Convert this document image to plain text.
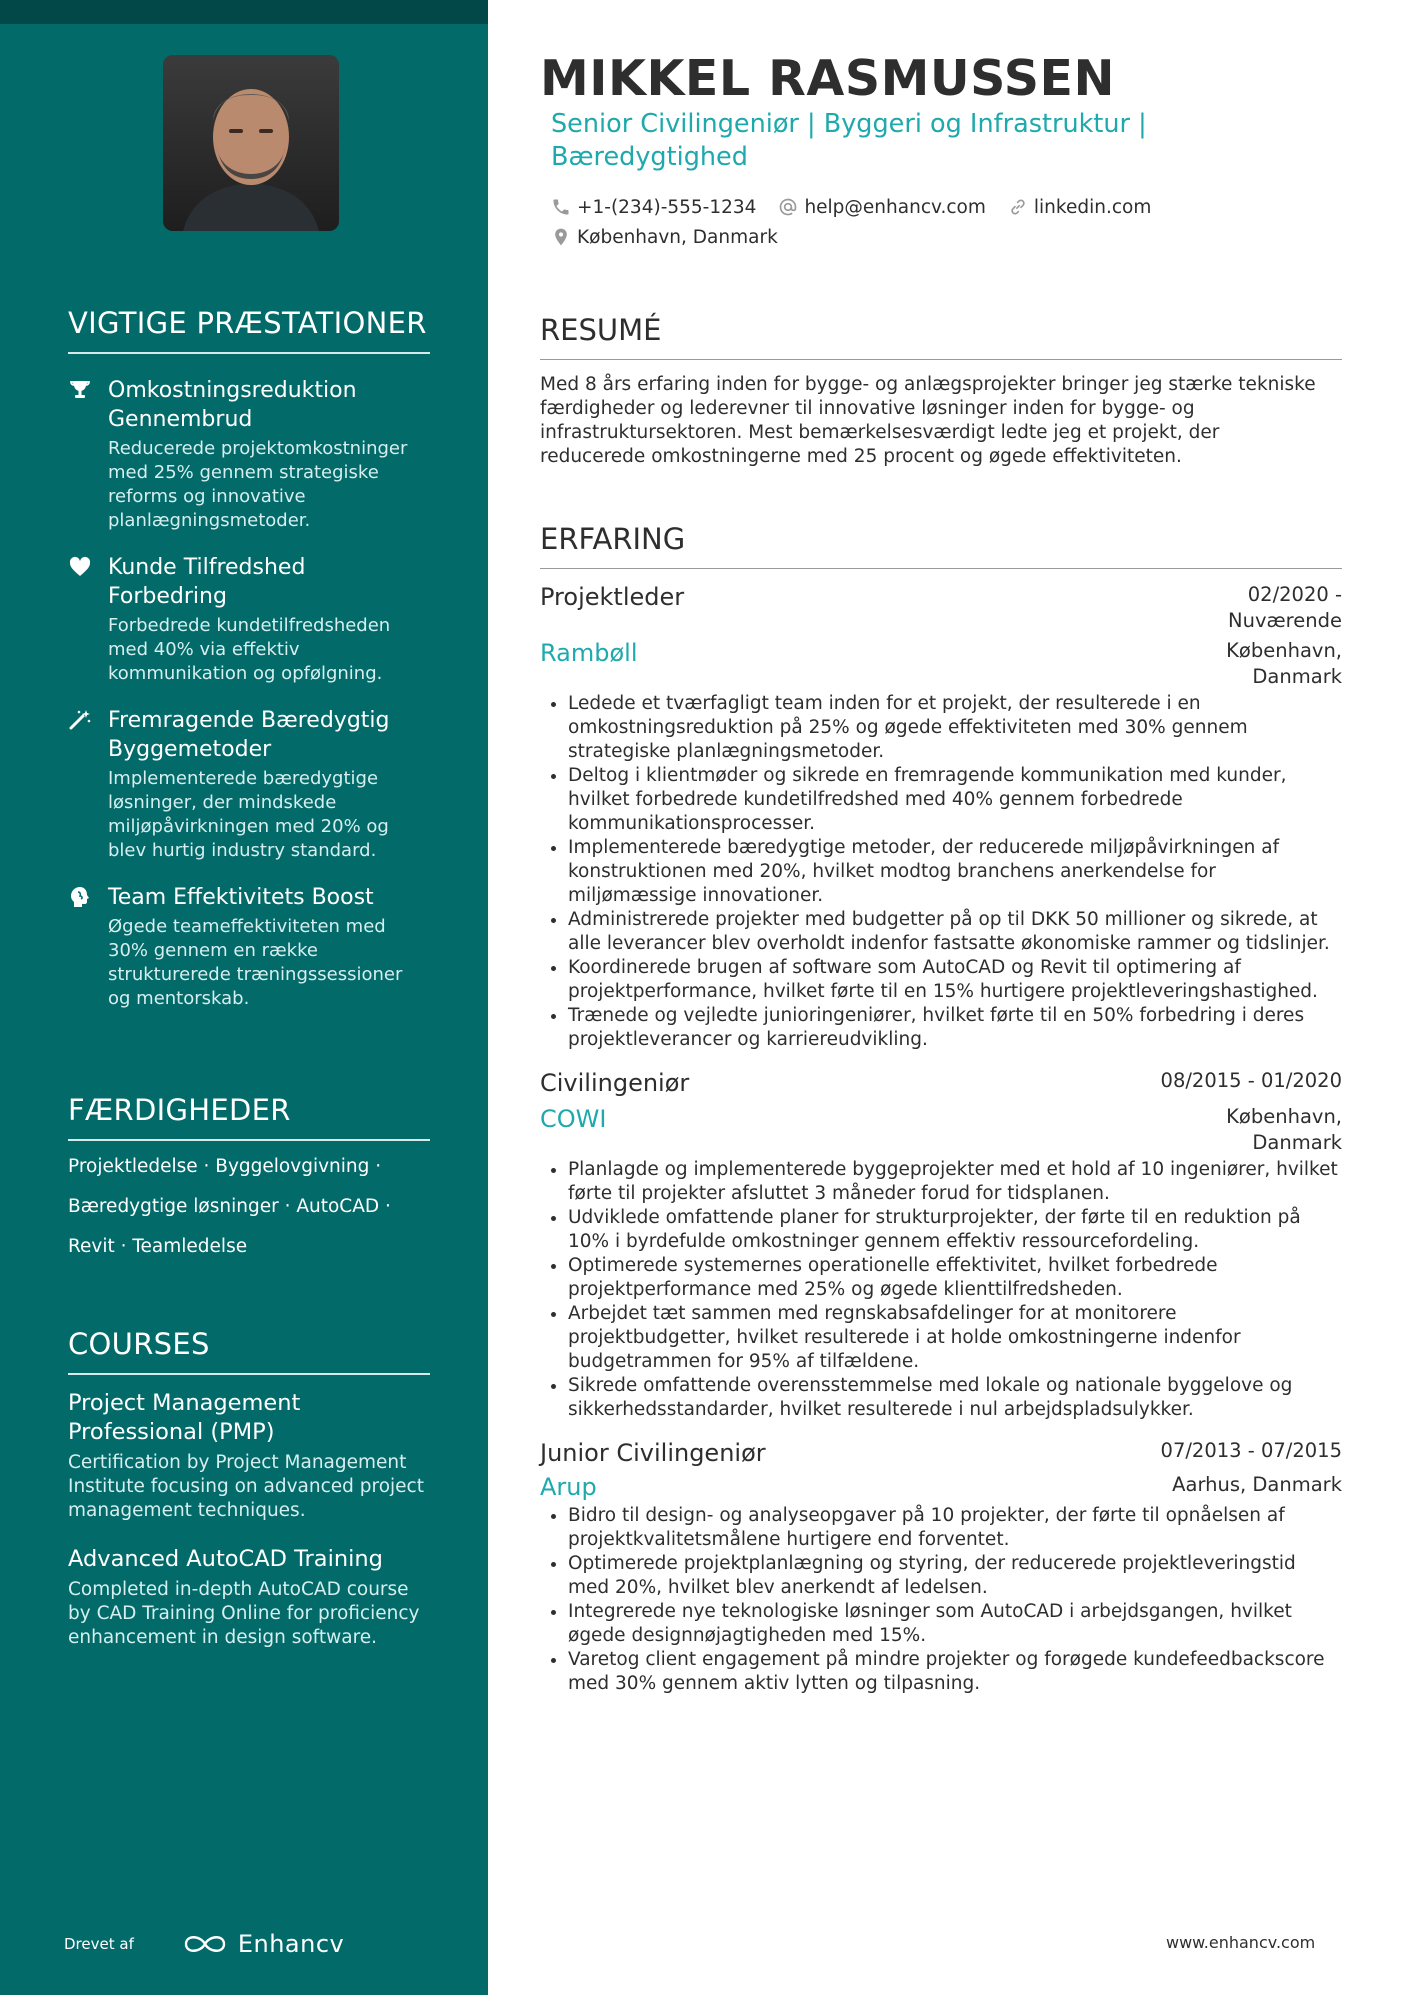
VIGTIGE PRÆSTATIONER
Omkostningsreduktion Gennembrud
Reducerede projektomkostninger med 25% gennem strategiske reforms og innovative planlægningsmetoder.
Kunde Tilfredshed Forbedring
Forbedrede kundetilfredsheden med 40% via effektiv kommunikation og opfølgning.
Fremragende Bæredygtig Byggemetoder
Implementerede bæredygtige løsninger, der mindskede miljøpåvirkningen med 20% og blev hurtig industry standard.
Team Effektivitets Boost
Øgede teameffektiviteten med 30% gennem en række strukturerede træningssessioner og mentorskab.
FÆRDIGHEDER
Projektledelse · Byggelovgivning ·
Bæredygtige løsninger · AutoCAD ·
Revit · Teamledelse
COURSES
Project Management Professional (PMP)
Certification by Project Management Institute focusing on advanced project management techniques.
Advanced AutoCAD Training
Completed in-depth AutoCAD course by CAD Training Online for proficiency enhancement in design software.
Drevet af	Enhancv
MIKKEL RASMUSSEN
Senior Civilingeniør | Byggeri og Infrastruktur | Bæredygtighed
+1-(234)-555-1234	help@enhancv.com	linkedin.com
København, Danmark
RESUMÉ
Med 8 års erfaring inden for bygge- og anlægsprojekter bringer jeg stærke tekniske færdigheder og lederevner til innovative løsninger inden for bygge- og infrastruktursektoren. Mest bemærkelsesværdigt ledte jeg et projekt, der reducerede omkostningerne med 25 procent og øgede effektiviteten.
ERFARING
Projektleder	02/2020 - Nuværende
Rambøll	København, Danmark
• Ledede et tværfagligt team inden for et projekt, der resulterede i en omkostningsreduktion på 25% og øgede effektiviteten med 30% gennem strategiske planlægningsmetoder.
• Deltog i klientmøder og sikrede en fremragende kommunikation med kunder, hvilket forbedrede kundetilfredshed med 40% gennem forbedrede kommunikationsprocesser.
• Implementerede bæredygtige metoder, der reducerede miljøpåvirkningen af konstruktionen med 20%, hvilket modtog branchens anerkendelse for miljømæssige innovationer.
• Administrerede projekter med budgetter på op til DKK 50 millioner og sikrede, at alle leverancer blev overholdt indenfor fastsatte økonomiske rammer og tidslinjer.
• Koordinerede brugen af software som AutoCAD og Revit til optimering af projektperformance, hvilket førte til en 15% hurtigere projektleveringshastighed.
• Trænede og vejledte junioringeniører, hvilket førte til en 50% forbedring i deres projektleverancer og karriereudvikling.
Civilingeniør	08/2015 - 01/2020
COWI	København, Danmark
• Planlagde og implementerede byggeprojekter med et hold af 10 ingeniører, hvilket førte til projekter afsluttet 3 måneder forud for tidsplanen.
• Udviklede omfattende planer for strukturprojekter, der førte til en reduktion på 10% i byrdefulde omkostninger gennem effektiv ressourcefordeling.
• Optimerede systemernes operationelle effektivitet, hvilket forbedrede projektperformance med 25% og øgede klienttilfredsheden.
• Arbejdet tæt sammen med regnskabsafdelinger for at monitorere projektbudgetter, hvilket resulterede i at holde omkostningerne indenfor budgetrammen for 95% af tilfældene.
• Sikrede omfattende overensstemmelse med lokale og nationale byggelove og sikkerhedsstandarder, hvilket resulterede i nul arbejdspladsulykker.
Junior Civilingeniør	07/2013 - 07/2015
Arup	Aarhus, Danmark
• Bidro til design- og analyseopgaver på 10 projekter, der førte til opnåelsen af projektkvalitetsmålene hurtigere end forventet.
• Optimerede projektplanlægning og styring, der reducerede projektleveringstid med 20%, hvilket blev anerkendt af ledelsen.
• Integrerede nye teknologiske løsninger som AutoCAD i arbejdsgangen, hvilket øgede designnøjagtigheden med 15%.
• Varetog client engagement på mindre projekter og forøgede kundefeedbackscore med 30% gennem aktiv lytten og tilpasning.
www.enhancv.com
